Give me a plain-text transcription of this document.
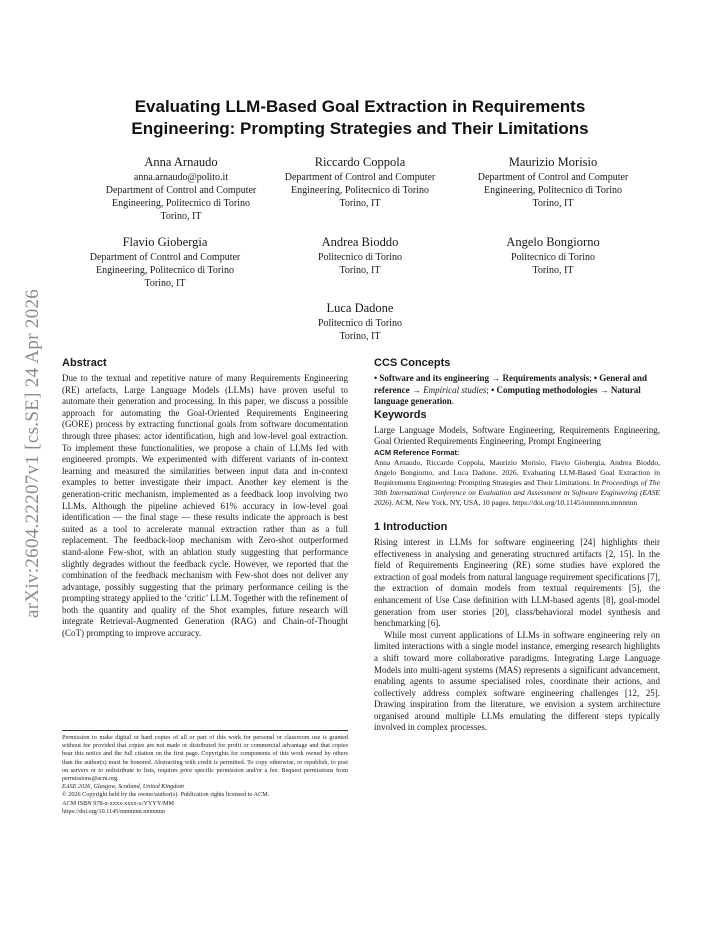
arXiv:2604.22207v1 [cs.SE] 24 Apr 2026
Evaluating LLM-Based Goal Extraction in Requirements
Engineering: Prompting Strategies and Their Limitations
Anna Arnaudo
anna.arnaudo@polito.it
Department of Control and Computer
Engineering, Politecnico di Torino
Torino, IT
Riccardo Coppola
Department of Control and Computer
Engineering, Politecnico di Torino
Torino, IT
Maurizio Morisio
Department of Control and Computer
Engineering, Politecnico di Torino
Torino, IT
Flavio Giobergia
Department of Control and Computer
Engineering, Politecnico di Torino
Torino, IT
Andrea Bioddo
Politecnico di Torino
Torino, IT
Angelo Bongiorno
Politecnico di Torino
Torino, IT
Luca Dadone
Politecnico di Torino
Torino, IT
Abstract

Due to the textual and repetitive nature of many Requirements Engineering (RE) artefacts, Large Language Models (LLMs) have proven useful to automate their generation and processing. In this paper, we discuss a possible approach for automating the Goal-Oriented Requirements Engineering (GORE) process by extracting functional goals from software documentation through three phases: actor identification, high and low-level goal extraction. To implement these functionalities, we propose a chain of LLMs fed with engineered prompts. We experimented with different variants of in-context learning and measured the similarities between input data and in-context examples to better investigate their impact. Another key element is the generation-critic mechanism, implemented as a feedback loop involving two LLMs. Although the pipeline achieved 61% accuracy in low-level goal identification — the final stage — these results indicate the approach is best suited as a tool to accelerate manual extraction rather than as a full replacement. The feedback-loop mechanism with Zero-shot outperformed stand-alone Few-shot, with an ablation study suggesting that performance slightly degrades without the feedback cycle. However, we reported that the combination of the feedback mechanism with Few-shot does not deliver any advantage, possibly suggesting that the primary performance ceiling is the prompting strategy applied to the ‘critic’ LLM. Together with the refinement of both the quantity and quality of the Shot examples, future research will integrate Retrieval-Augmented Generation (RAG) and Chain-of-Thought (CoT) prompting to improve accuracy.

Permission to make digital or hard copies of all or part of this work for personal or classroom use is granted without fee provided that copies are not made or distributed for profit or commercial advantage and that copies bear this notice and the full citation on the first page. Copyrights for components of this work owned by others than the author(s) must be honored. Abstracting with credit is permitted. To copy otherwise, or republish, to post on servers or to redistribute to lists, requires prior specific permission and/or a fee. Request permissions from permissions@acm.org.

EASE 2026, Glasgow, Scotland, United Kingdom

© 2026 Copyright held by the owner/author(s). Publication rights licensed to ACM.

ACM ISBN 978-x-xxxx-xxxx-x/YYYY/MM

https://doi.org/10.1145/nnnnnnn.nnnnnnn

CCS Concepts

• Software and its engineering → Requirements analysis; • General and reference → Empirical studies; • Computing methodologies → Natural language generation.

Keywords

Large Language Models, Software Engineering, Requirements Engineering, Goal Oriented Requirements Engineering, Prompt Engineering

ACM Reference Format:
Anna Arnaudo, Riccardo Coppola, Maurizio Morisio, Flavio Giobergia, Andrea Bioddo, Angelo Bongiorno, and Luca Dadone. 2026. Evaluating LLM-Based Goal Extraction in Requirements Engineering: Prompting Strategies and Their Limitations. In Proceedings of The 30th International Conference on Evaluation and Assessment in Software Engineering (EASE 2026). ACM, New York, NY, USA, 10 pages. https://doi.org/10.1145/nnnnnnn.nnnnnnn
1 Introduction

Rising interest in LLMs for software engineering [24] highlights their effectiveness in analysing and generating structured artifacts [2, 15]. In the field of Requirements Engineering (RE) some studies have explored the extraction of goal models from natural language requirement specifications [7], the extraction of domain models from textual requirements [5], the enhancement of Use Case definition with LLM-based agents [8], goal-model generation from user stories [20], class/behavioral model synthesis and benchmarking [6].

While most current applications of LLMs in software engineering rely on limited interactions with a single model instance, emerging research highlights a shift toward more collaborative paradigms. Integrating Large Language Models into multi-agent systems (MAS) represents a significant advancement, enabling agents to assume specialised roles, coordinate their actions, and collectively address complex software engineering challenges [12, 25]. Drawing inspiration from the literature, we envision a system architecture organised around multiple LLMs emulating the different steps typically involved in complex processes.
